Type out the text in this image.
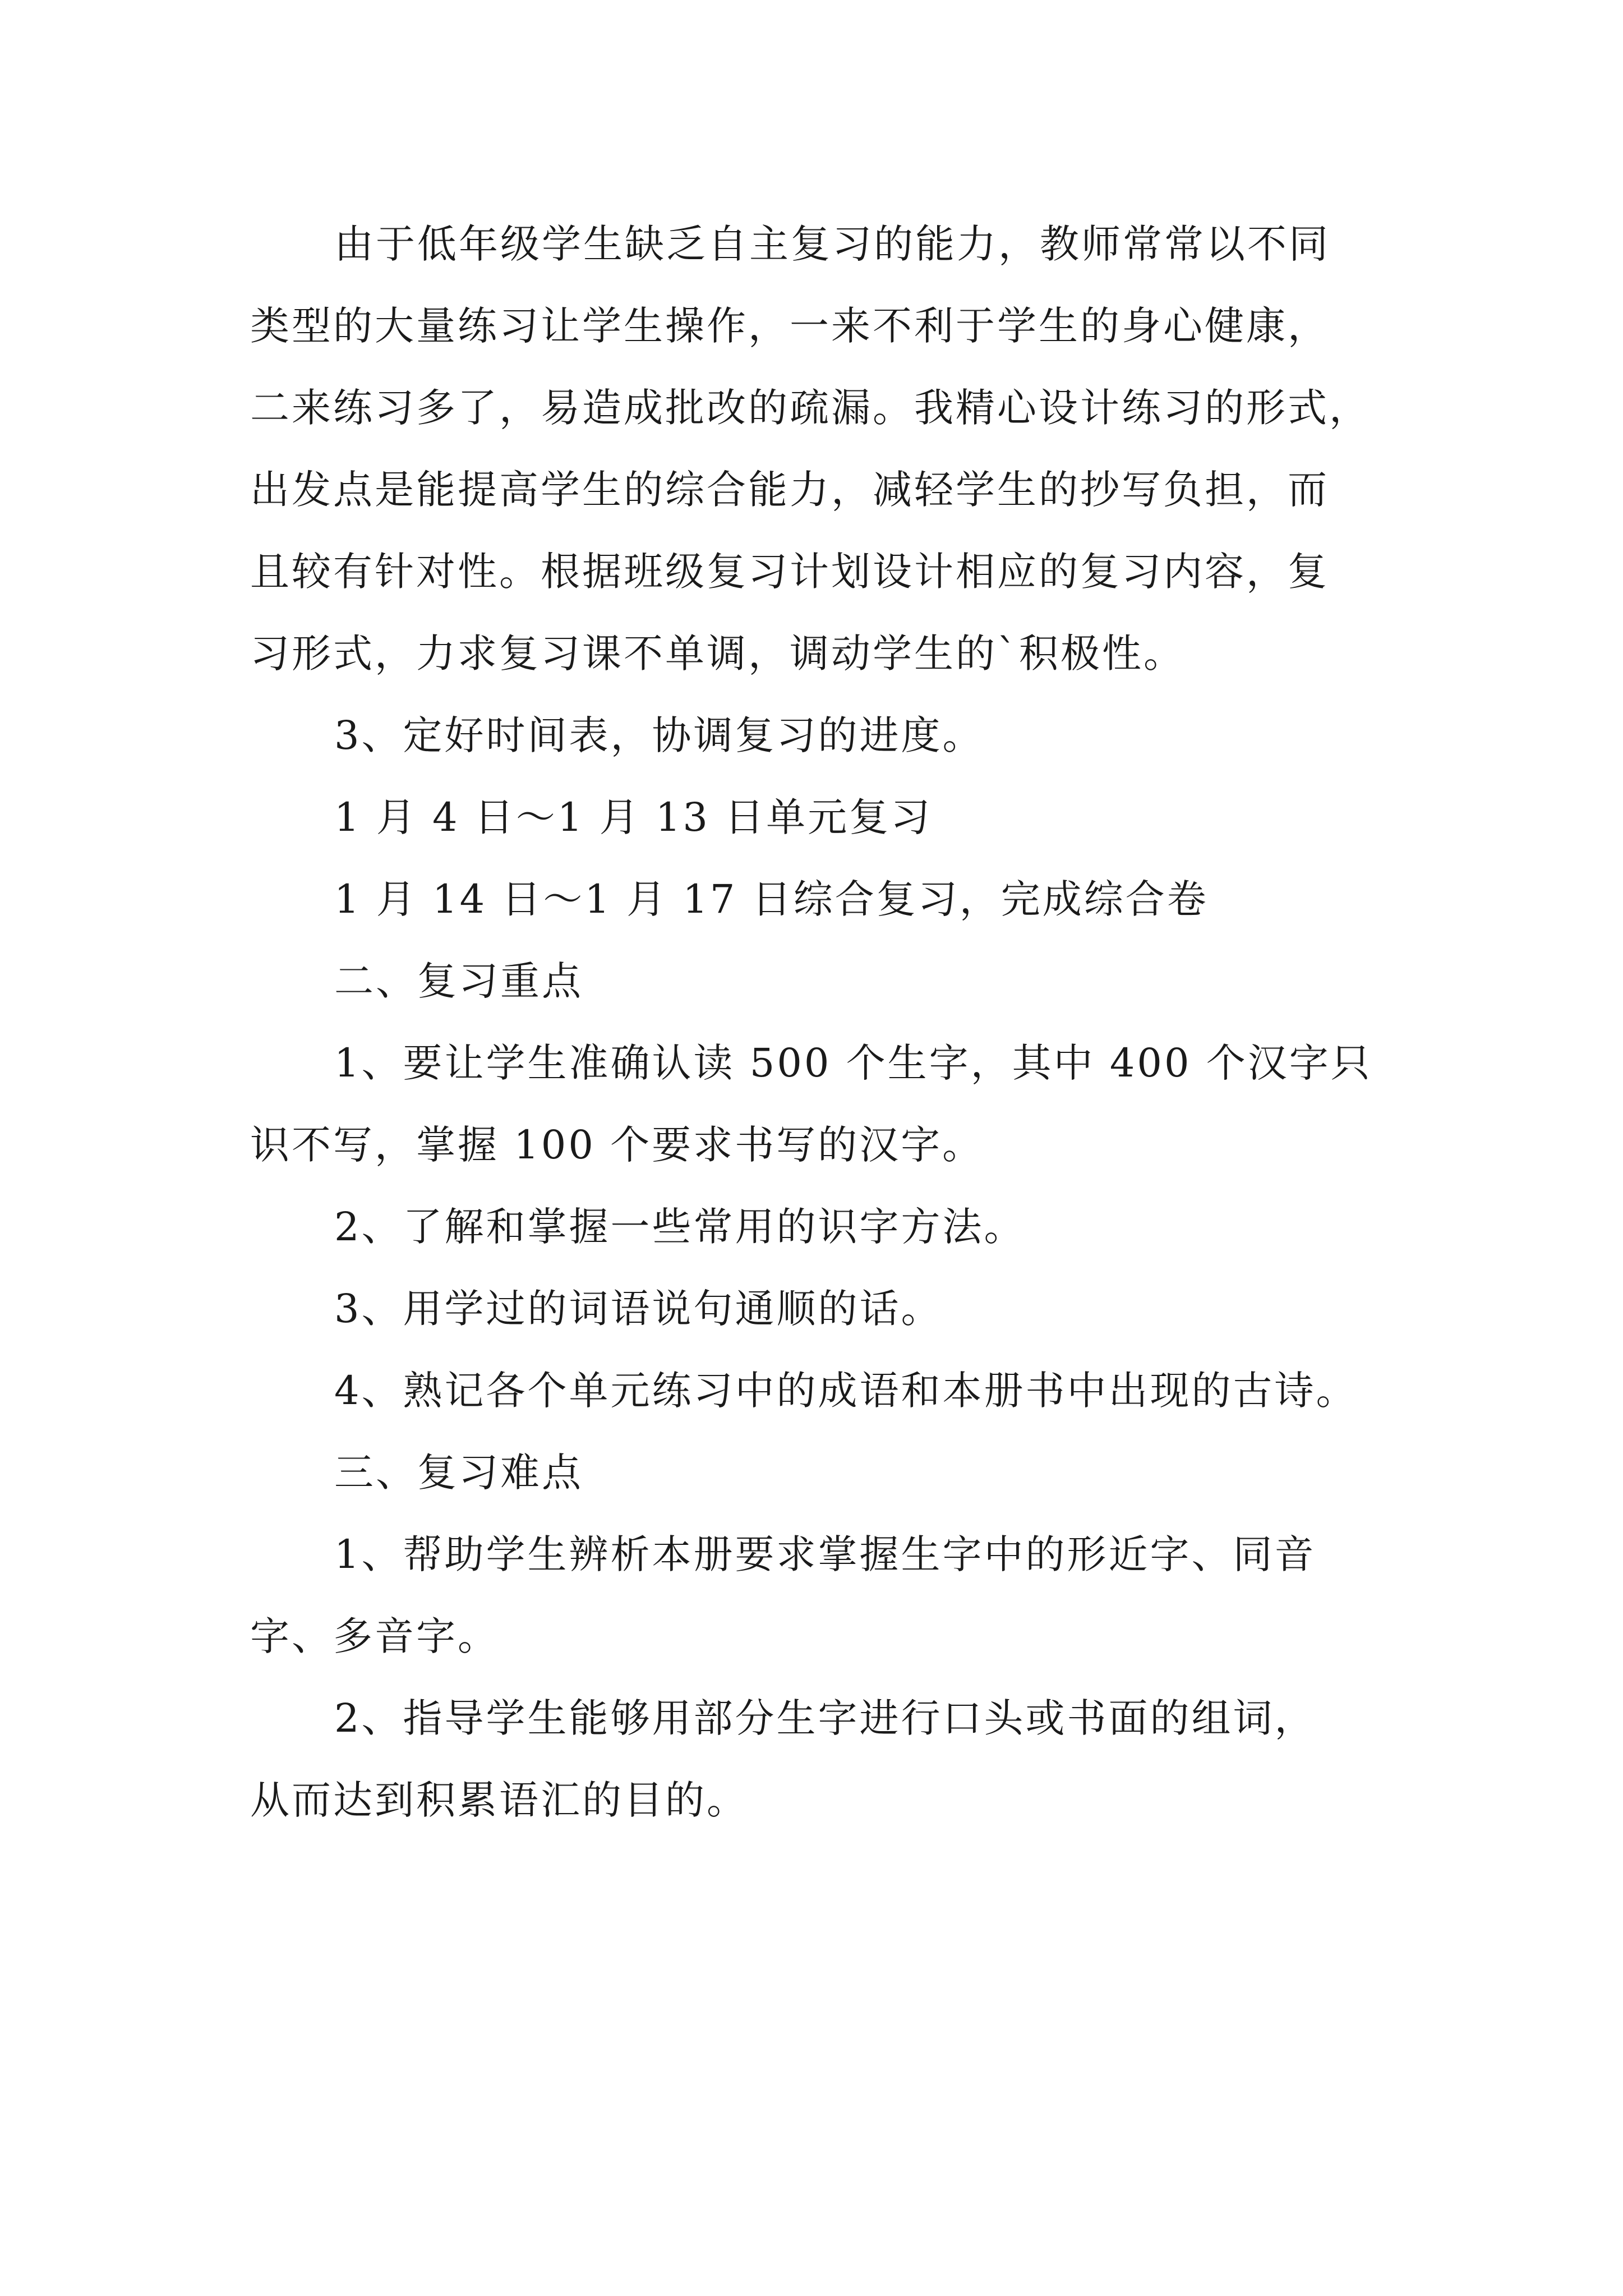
由于低年级学生缺乏自主复习的能力，教师常常以不同
类型的大量练习让学生操作，一来不利于学生的身心健康，
二来练习多了，易造成批改的疏漏。我精心设计练习的形式，
出发点是能提高学生的综合能力，减轻学生的抄写负担，而
且较有针对性。根据班级复习计划设计相应的复习内容，复
习形式，力求复习课不单调，调动学生的`积极性。
3、定好时间表，协调复习的进度。
1 月 4 日～1 月 13 日单元复习
1 月 14 日～1 月 17 日综合复习，完成综合卷
二、复习重点
1、要让学生准确认读 500 个生字，其中 400 个汉字只
识不写，掌握 100 个要求书写的汉字。
2、了解和掌握一些常用的识字方法。
3、用学过的词语说句通顺的话。
4、熟记各个单元练习中的成语和本册书中出现的古诗。
三、复习难点
1、帮助学生辨析本册要求掌握生字中的形近字、同音
字、多音字。
2、指导学生能够用部分生字进行口头或书面的组词，
从而达到积累语汇的目的。
